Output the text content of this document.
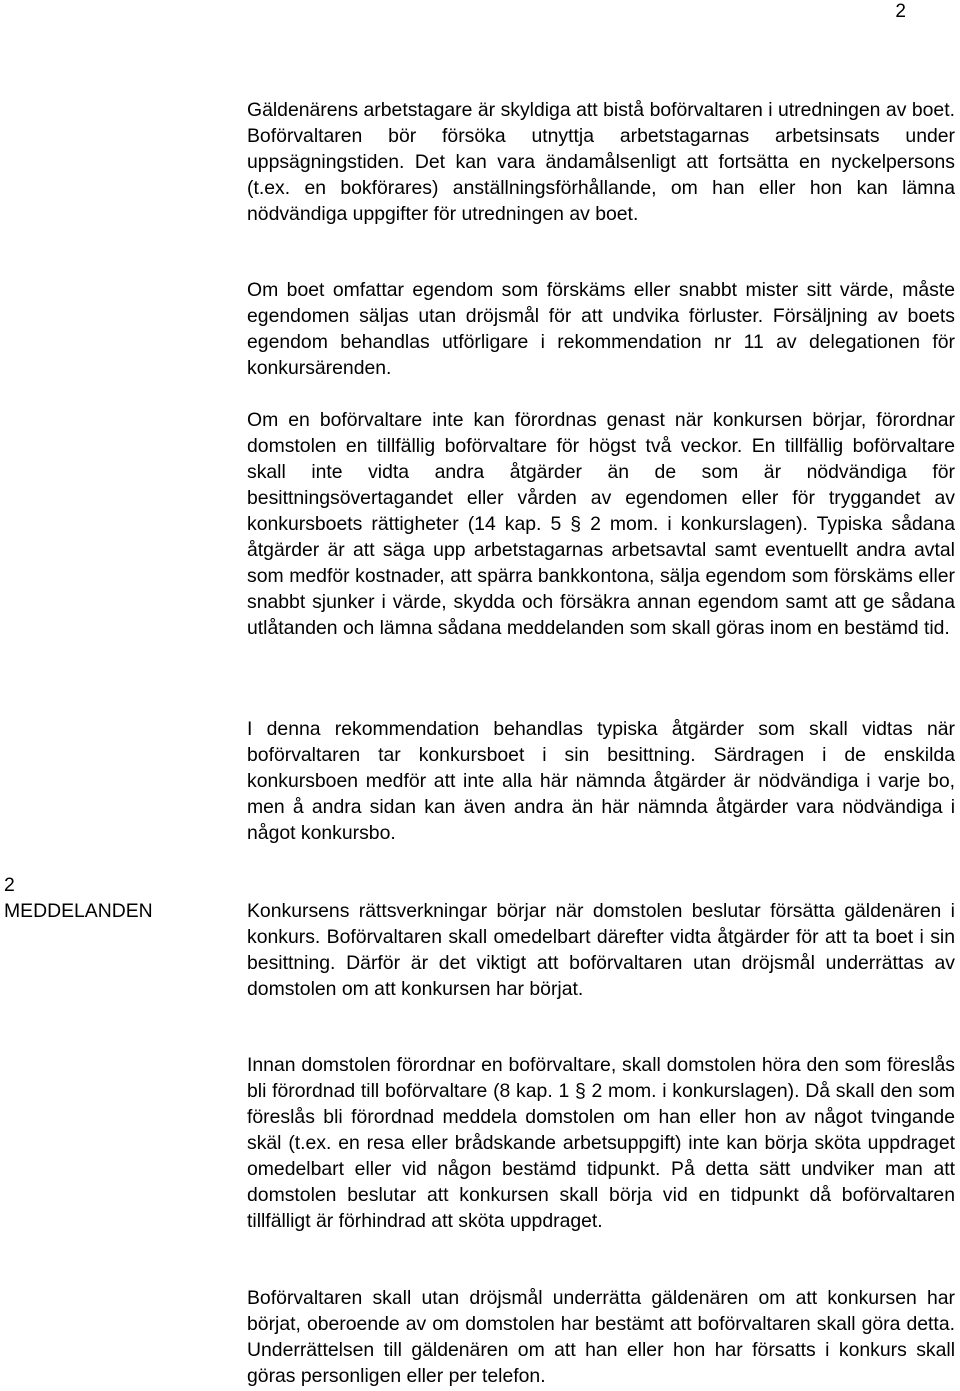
2

Gäldenärens arbetstagare är skyldiga att bistå boförvaltaren i utredningen av boet. Boförvaltaren bör försöka utnyttja arbetstagarnas arbetsinsats under uppsägningstiden. Det kan vara ändamålsenligt att fortsätta en nyckelpersons (t.ex. en bokförares) anställningsförhållande, om han eller hon kan lämna nödvändiga uppgifter för utredningen av boet.

Om boet omfattar egendom som förskäms eller snabbt mister sitt värde, måste egendomen säljas utan dröjsmål för att undvika förluster. Försäljning av boets egendom behandlas utförligare i rekommendation nr 11 av delegationen för konkursärenden.

Om en boförvaltare inte kan förordnas genast när konkursen börjar, förordnar domstolen en tillfällig boförvaltare för högst två veckor. En tillfällig boförvaltare skall inte vidta andra åtgärder än de som är nödvändiga för besittningsövertagandet eller vården av egendomen eller för tryggandet av konkursboets rättigheter (14 kap. 5 § 2 mom. i konkurslagen). Typiska sådana åtgärder är att säga upp arbetstagarnas arbetsavtal samt eventuellt andra avtal som medför kostnader, att spärra bankkontona, sälja egendom som förskäms eller snabbt sjunker i värde, skydda och försäkra annan egendom samt att ge sådana utlåtanden och lämna sådana meddelanden som skall göras inom en bestämd tid.

I denna rekommendation behandlas typiska åtgärder som skall vidtas när boförvaltaren tar konkursboet i sin besittning. Särdragen i de enskilda konkursboen medför att inte alla här nämnda åtgärder är nödvändiga i varje bo, men å andra sidan kan även andra än här nämnda åtgärder vara nödvändiga i något konkursbo.

2
MEDDELANDEN	Konkursens rättsverkningar börjar när domstolen beslutar försätta gäldenären i konkurs. Boförvaltaren skall omedelbart därefter vidta åtgärder för att ta boet i sin besittning. Därför är det viktigt att boförvaltaren utan dröjsmål underrättas av domstolen om att konkursen har börjat.

Innan domstolen förordnar en boförvaltare, skall domstolen höra den som föreslås bli förordnad till boförvaltare (8 kap. 1 § 2 mom. i konkurslagen). Då skall den som föreslås bli förordnad meddela domstolen om han eller hon av något tvingande skäl (t.ex. en resa eller brådskande arbetsuppgift) inte kan börja sköta uppdraget omedelbart eller vid någon bestämd tidpunkt. På detta sätt undviker man att domstolen beslutar att konkursen skall börja vid en tidpunkt då boförvaltaren tillfälligt är förhindrad att sköta uppdraget.

Boförvaltaren skall utan dröjsmål underrätta gäldenären om att konkursen har börjat, oberoende av om domstolen har bestämt att boförvaltaren skall göra detta. Underrättelsen till gäldenären om att han eller hon har försatts i konkurs skall göras personligen eller per telefon.
